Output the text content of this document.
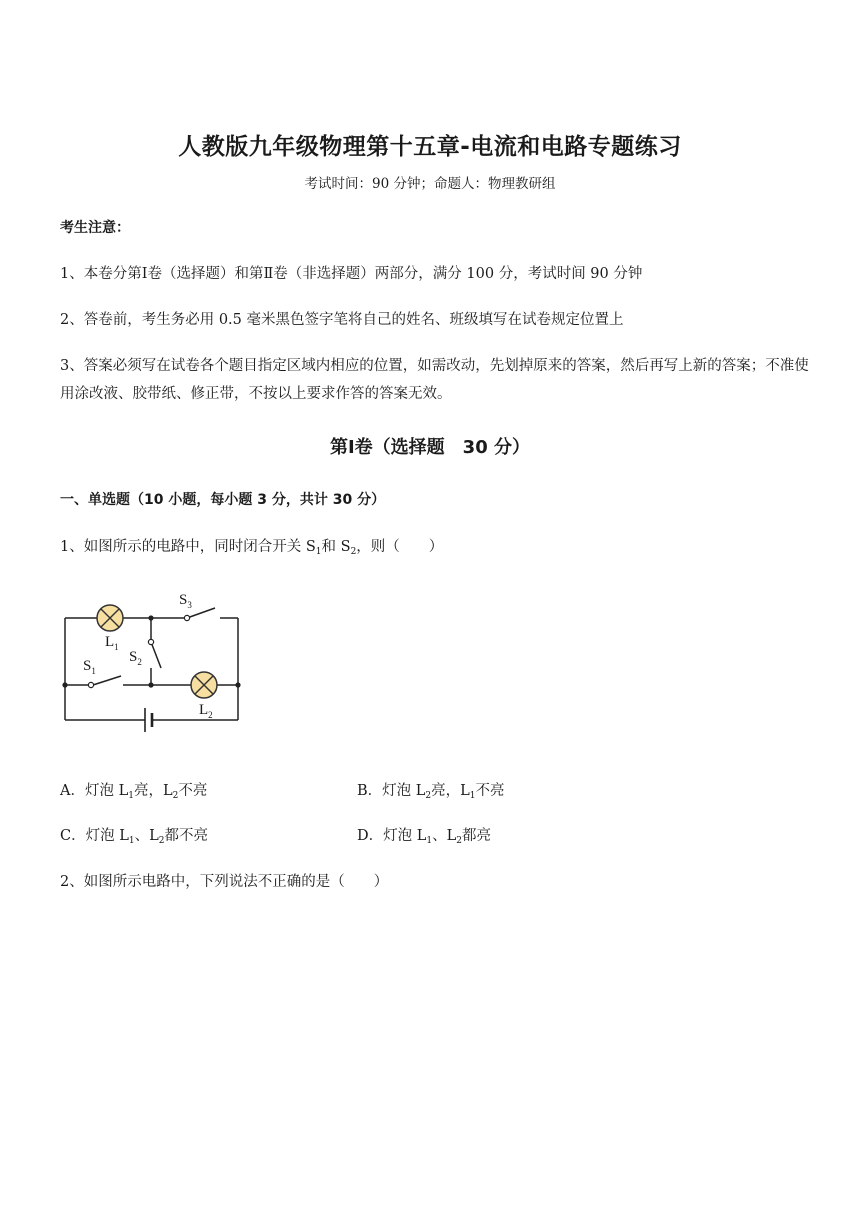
人教版九年级物理第十五章-电流和电路专题练习
考试时间：90 分钟；命题人：物理教研组
考生注意：
1、本卷分第Ⅰ卷（选择题）和第Ⅱ卷（非选择题）两部分，满分 100 分，考试时间 90 分钟
2、答卷前，考生务必用 0.5 毫米黑色签字笔将自己的姓名、班级填写在试卷规定位置上
3、答案必须写在试卷各个题目指定区域内相应的位置，如需改动，先划掉原来的答案，然后再写上新的答案；不准使用涂改液、胶带纸、修正带，不按以上要求作答的答案无效。
第Ⅰ卷（选择题　30 分）
一、单选题（10 小题，每小题 3 分，共计 30 分）
1、如图所示的电路中，同时闭合开关 $S_1$和 $S_2$，则（　　）
$L_1$
$L_2$
$S_1$
$S_2$
$S_3$
A．灯泡 $L_1$亮，$L_2$不亮	B．灯泡 $L_2$亮，$L_1$不亮
C．灯泡 $L_1$、$L_2$都不亮	D．灯泡 $L_1$、$L_2$都亮
2、如图所示电路中，下列说法不正确的是（　　）
